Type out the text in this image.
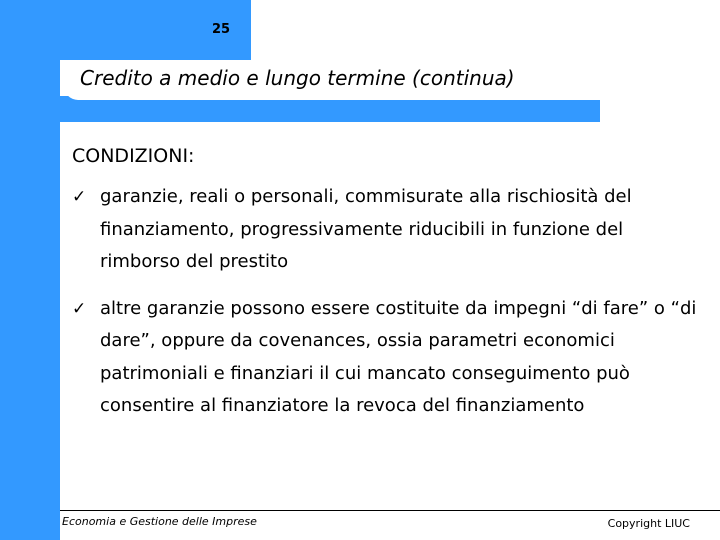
25
Credito a medio e lungo termine (continua)
CONDIZIONI:
✓ garanzie, reali o personali, commisurate alla rischiosità del finanziamento, progressivamente riducibili in funzione del rimborso del prestito
✓ altre garanzie possono essere costituite da impegni “di fare” o “di dare”, oppure da covenances, ossia parametri economici patrimoniali e finanziari il cui mancato conseguimento può consentire al finanziatore la revoca del finanziamento
Economia e Gestione delle Imprese	Copyright LIUC
